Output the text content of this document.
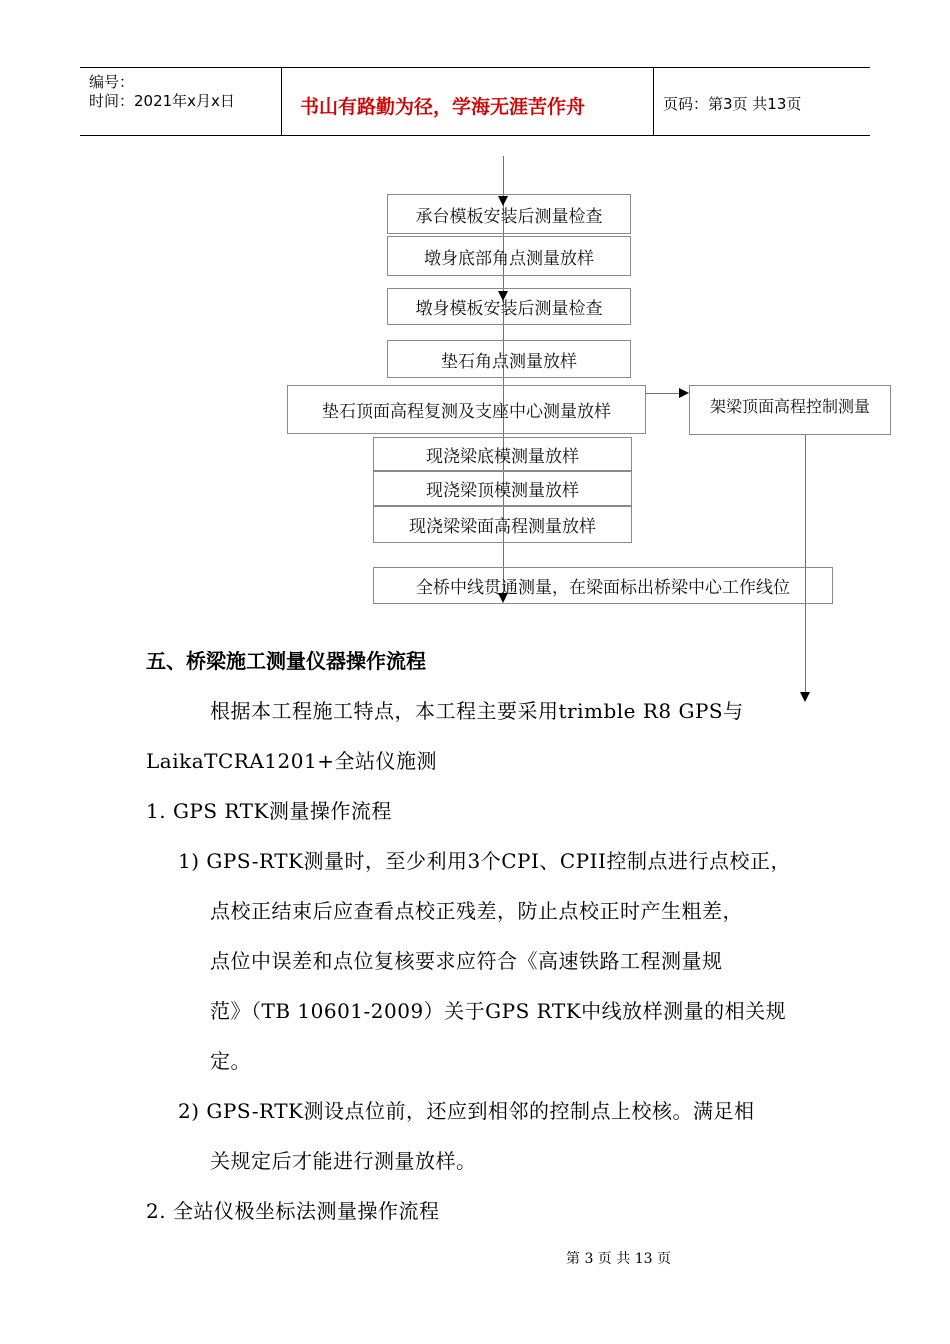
编号：
时间：2021年x月x日	书山有路勤为径，学海无涯苦作舟	页码：第3页 共13页
承台模板安装后测量检查
墩身底部角点测量放样
墩身模板安装后测量检查
垫石角点测量放样
垫石顶面高程复测及支座中心测量放样	架梁顶面高程控制测量
现浇梁底模测量放样
现浇梁顶模测量放样
现浇梁梁面高程测量放样
全桥中线贯通测量，在梁面标出桥梁中心工作线位
五、桥梁施工测量仪器操作流程
根据本工程施工特点，本工程主要采用trimble R8 GPS与
LaikaTCRA1201+全站仪施测
1. GPS RTK测量操作流程
1) GPS-RTK测量时，至少利用3个CPI、CPII控制点进行点校正，
点校正结束后应查看点校正残差，防止点校正时产生粗差，
点位中误差和点位复核要求应符合《高速铁路工程测量规
范》（TB 10601-2009）关于GPS RTK中线放样测量的相关规
定。
2) GPS-RTK测设点位前，还应到相邻的控制点上校核。满足相
关规定后才能进行测量放样。
2. 全站仪极坐标法测量操作流程
第 3 页 共 13 页
